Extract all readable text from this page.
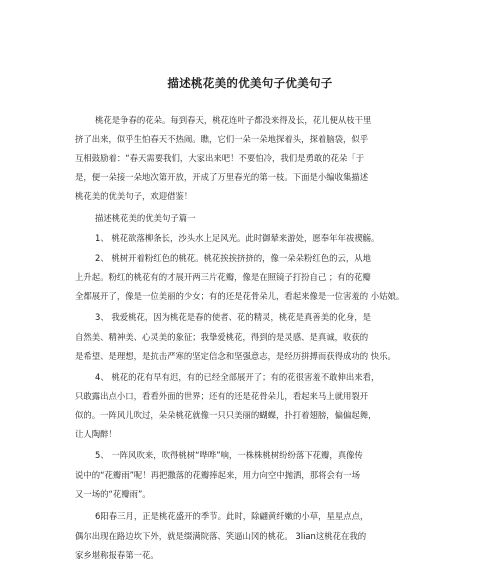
描述桃花美的优美句子优美句子
桃花是争春的花朵。每到春天，桃花连叶子都没来得及长，花儿便从枝干里
挤了出来，似乎生怕春天不热闹。瞧，它们一朵一朵地探着头，探着脑袋，似乎
互相鼓励着：“春天需要我们，大家出来吧！不要怕冷，我们是勇敢的花朵「于
是，便一朵接一朵地次第开放，开成了万里春光的第一枝。下面是小编收集描述
桃花美的优美句子，欢迎借鉴！
描述桃花美的优美句子篇一
1、 桃花欲落柳条长，沙头水上足风光。此时御辇来游处，愿奉年年祓禊觞。
2、 桃树开着粉红色的桃花。桃花挨挨挤挤的，像一朵朵粉红色的云，从地
上升起。粉红的桃花有的才展开两三片花瓣，像是在照镜子打扮自己 ；有的花瓣
全都展开了，像是一位美丽的少女；有的还是花骨朵儿，看起来像是一位害羞的 小姑娘。
3、 我爱桃花，因为桃花是春的使者、花的精灵，桃花是真善美的化身，是
自然美、精神美、心灵美的象征；我挚爱桃花，得到的是灵感、是真诚，收获的
是希望、是理想，是抗击严寒的坚定信念和坚强意志，是经历拼搏而获得成功的 快乐。
4、 桃花的花有早有迟，有的已经全部展开了；有的花很害羞不敢伸出来看，
只敢露出点小口，看看外面的世界；还有的还是花骨朵儿，看起来马上就用裂开
似的。一阵风儿吹过，朵朵桃花就像一只只美丽的蝴蝶，扑打着翅膀，偏偏起舞，
让人陶醉！
5、 一阵风吹来，吹得桃树“哗哗”响，一株株桃树纷纷落下花瓣，真像传
说中的“花瓣雨”呢！再把撒落的花瓣捧起来，用力向空中抛洒，那将会有一场
又一场的“花瓣雨”。
6阳春三月，正是桃花盛开的季节。此时，除翩黄纤嫩的小草，星星点点，
偶尔出现在路边坎下外，就是缀满院落、笑逼山冈的桃花。 3lian这桃花在我的
家乡堪称报春第一花。
